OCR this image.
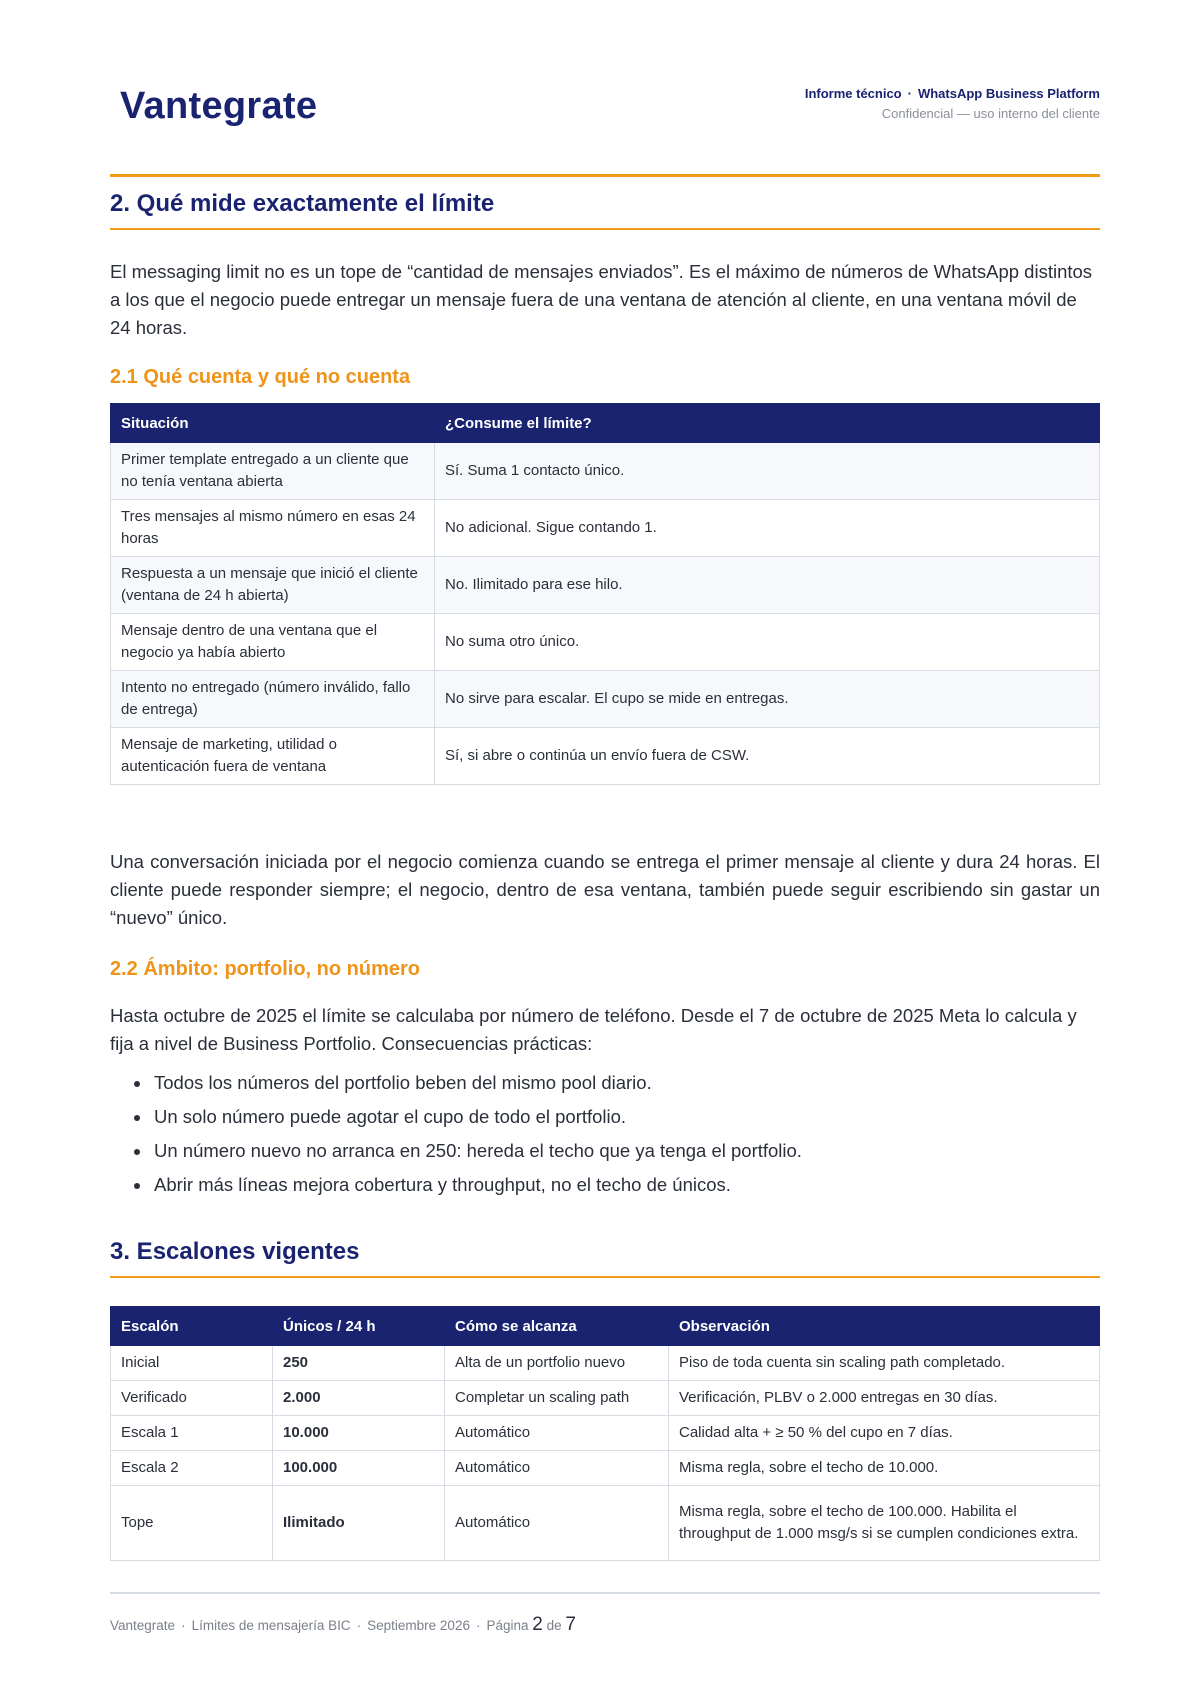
Vantegrate	Informe técnico · WhatsApp Business Platform
Confidencial — uso interno del cliente
2. Qué mide exactamente el límite

El messaging limit no es un tope de “cantidad de mensajes enviados”. Es el máximo de números de WhatsApp distintos a los que el negocio puede entregar un mensaje fuera de una ventana de atención al cliente, en una ventana móvil de 24 horas.

2.1 Qué cuenta y qué no cuenta
Situación	¿Consume el límite?
Primer template entregado a un cliente que no tenía ventana abierta	Sí. Suma 1 contacto único.
Tres mensajes al mismo número en esas 24 horas	No adicional. Sigue contando 1.
Respuesta a un mensaje que inició el cliente (ventana de 24 h abierta)	No. Ilimitado para ese hilo.
Mensaje dentro de una ventana que el negocio ya había abierto	No suma otro único.
Intento no entregado (número inválido, fallo de entrega)	No sirve para escalar. El cupo se mide en entregas.
Mensaje de marketing, utilidad o autenticación fuera de ventana	Sí, si abre o continúa un envío fuera de CSW.

Una conversación iniciada por el negocio comienza cuando se entrega el primer mensaje al cliente y dura 24 horas. El cliente puede responder siempre; el negocio, dentro de esa ventana, también puede seguir escribiendo sin gastar un “nuevo” único.

2.2 Ámbito: portfolio, no número

Hasta octubre de 2025 el límite se calculaba por número de teléfono. Desde el 7 de octubre de 2025 Meta lo calcula y fija a nivel de Business Portfolio. Consecuencias prácticas:

• Todos los números del portfolio beben del mismo pool diario.
• Un solo número puede agotar el cupo de todo el portfolio.
• Un número nuevo no arranca en 250: hereda el techo que ya tenga el portfolio.
• Abrir más líneas mejora cobertura y throughput, no el techo de únicos.
3. Escalones vigentes
Escalón	Únicos / 24 h	Cómo se alcanza	Observación
Inicial	250	Alta de un portfolio nuevo	Piso de toda cuenta sin scaling path completado.
Verificado	2.000	Completar un scaling path	Verificación, PLBV o 2.000 entregas en 30 días.
Escala 1	10.000	Automático	Calidad alta + ≥ 50 % del cupo en 7 días.
Escala 2	100.000	Automático	Misma regla, sobre el techo de 10.000.
Tope	Ilimitado	Automático	Misma regla, sobre el techo de 100.000. Habilita el throughput de 1.000 msg/s si se cumplen condiciones extra.
Vantegrate · Límites de mensajería BIC · Septiembre 2026 · Página 2 de 7
